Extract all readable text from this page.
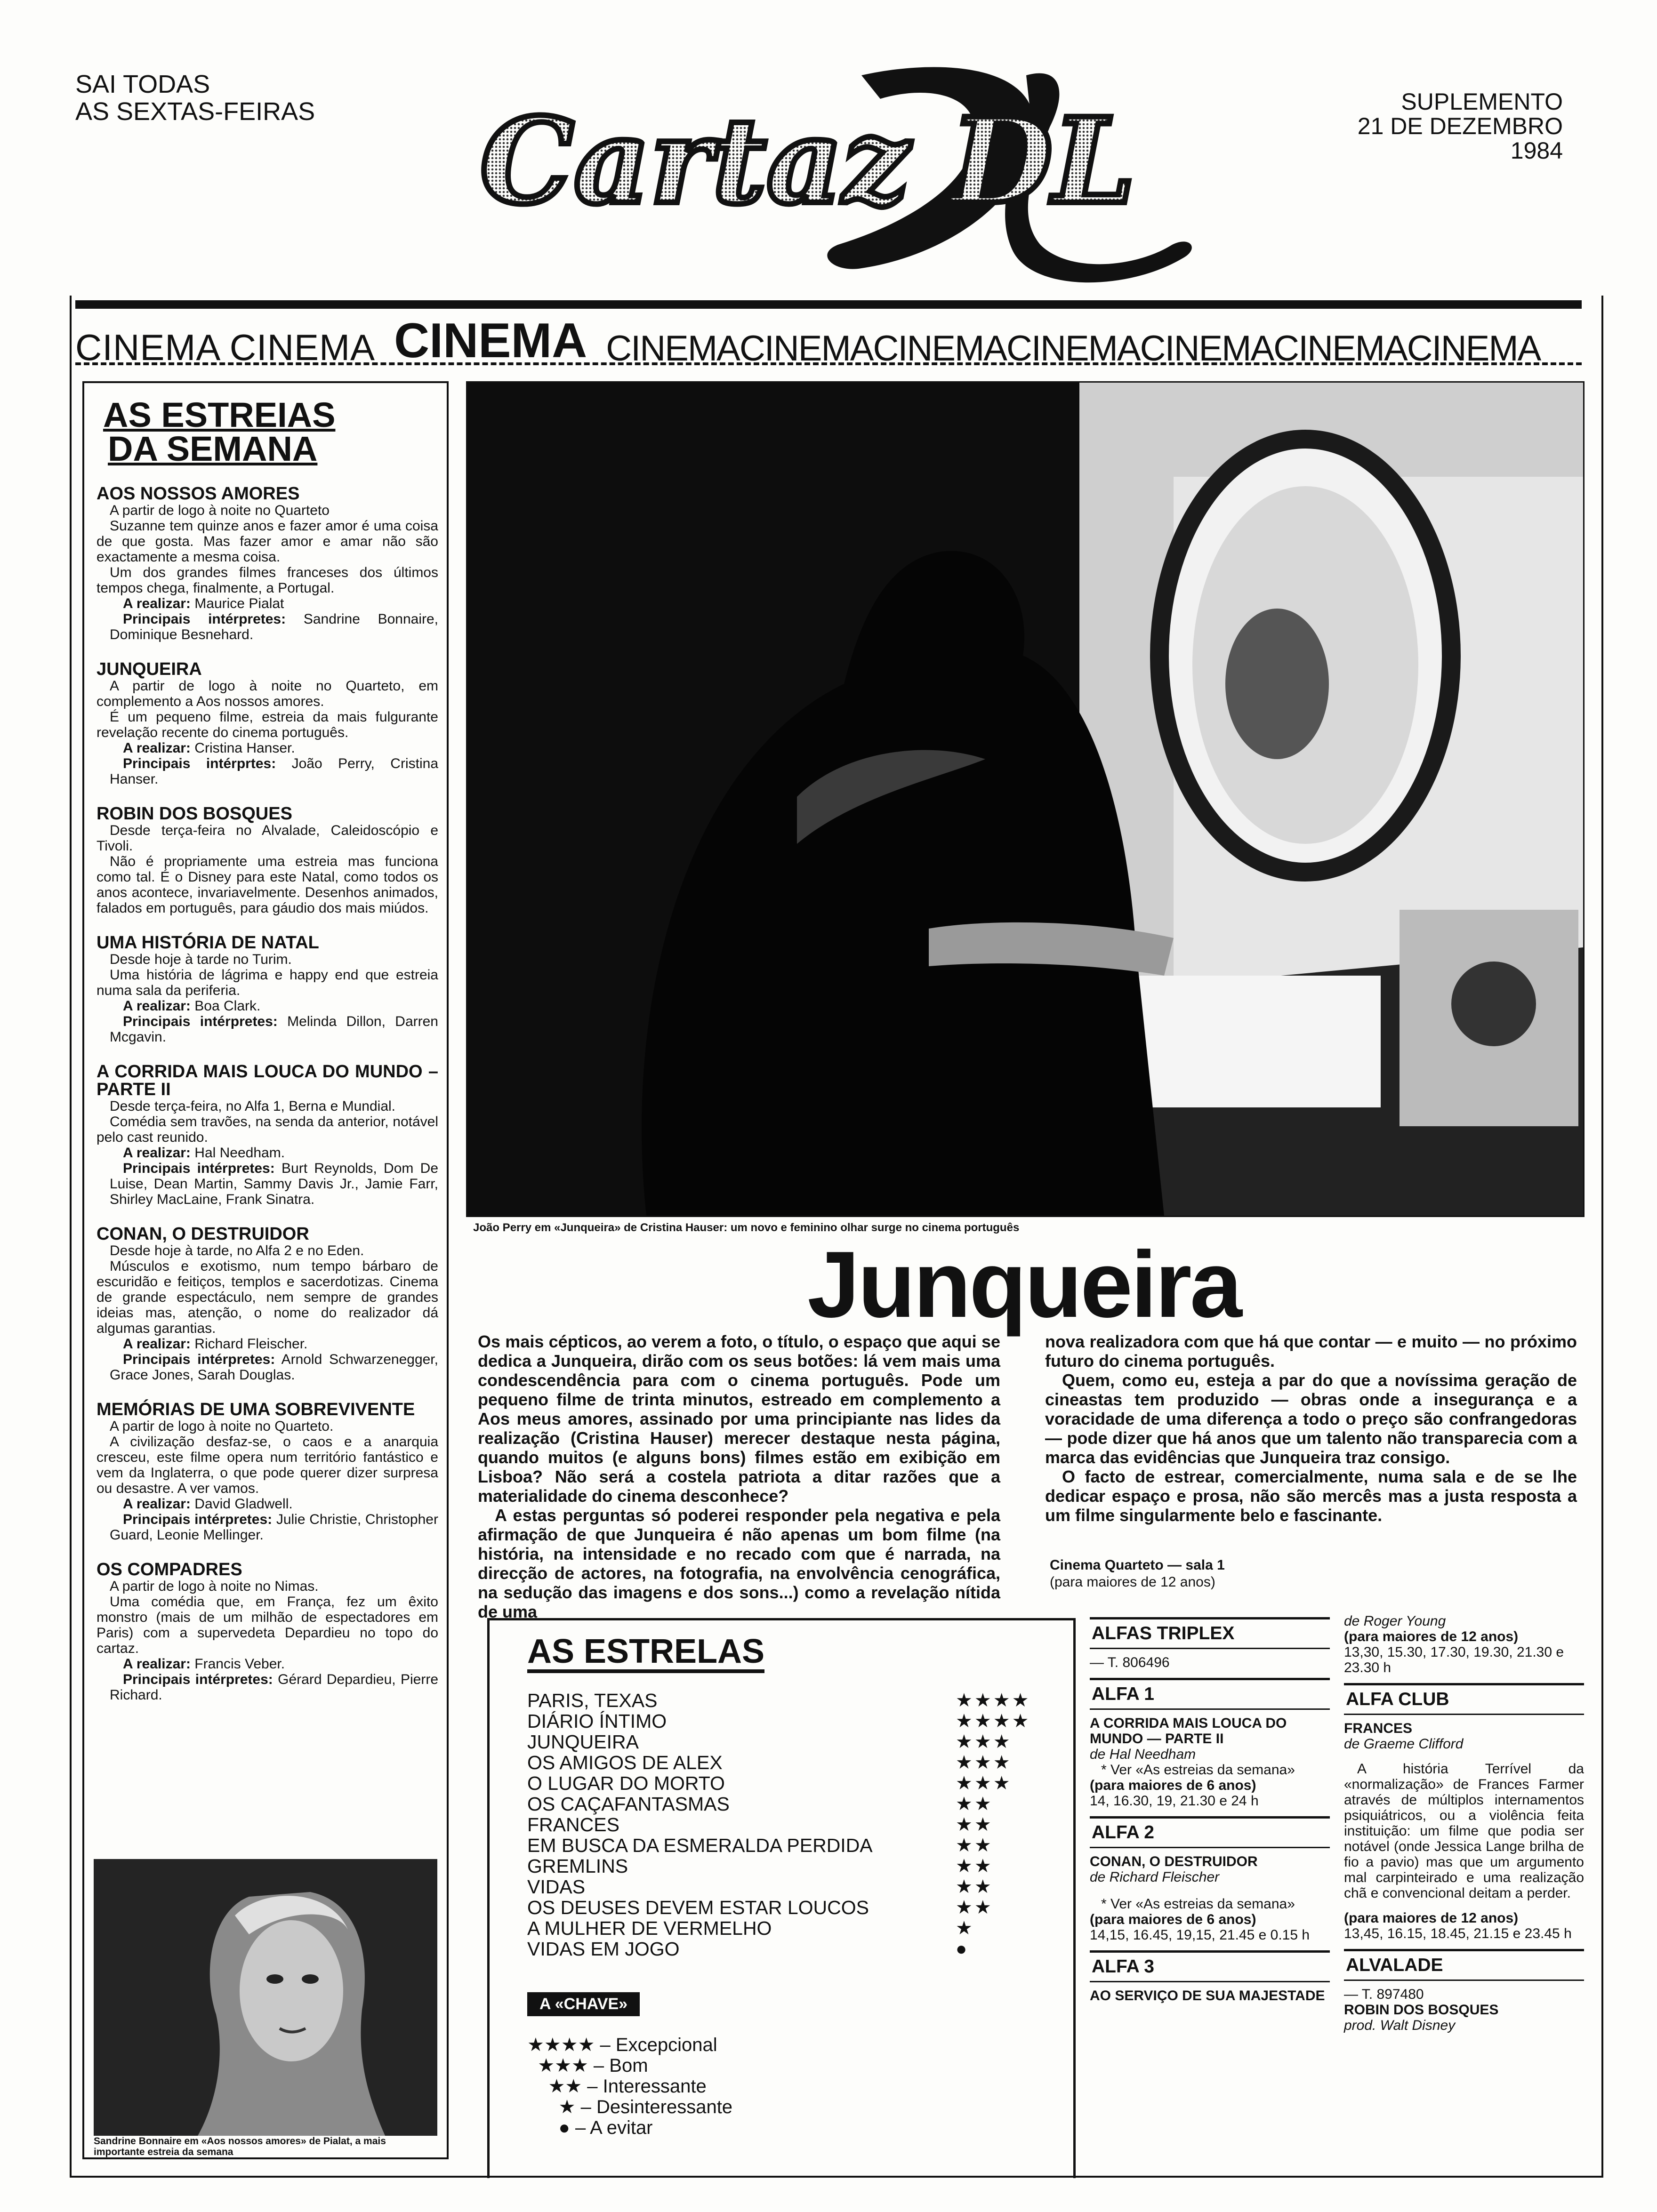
SAI TODAS
AS SEXTAS-FEIRAS Cartaz DL	SUPLEMENTO
21 DE DEZEMBRO
1984
CINEMA CINEMA CINEMA CINEMACINEMACINEMACINEMACINEMACINEMACINEMA
AS ESTREIAS
DA SEMANA
AOS NOSSOS AMORES

A partir de logo à noite no Quarteto

Suzanne tem quinze anos e fazer amor é uma coisa de que gosta. Mas fazer amor e amar não são exactamente a mesma coisa.

Um dos grandes filmes franceses dos últimos tempos chega, finalmente, a Portugal.

A realizar: Maurice Pialat

Principais intérpretes: Sandrine Bonnaire, Dominique Besnehard.

JUNQUEIRA

A partir de logo à noite no Quarteto, em complemento a Aos nossos amores.

É um pequeno filme, estreia da mais fulgurante revelação recente do cinema português.

A realizar: Cristina Hanser.

Principais intérprtes: João Perry, Cristina Hanser.

ROBIN DOS BOSQUES

Desde terça-feira no Alvalade, Caleidoscópio e Tivoli.

Não é propriamente uma estreia mas funciona como tal. É o Disney para este Natal, como todos os anos acontece, invariavelmente. Desenhos animados, falados em português, para gáudio dos mais miúdos.

UMA HISTÓRIA DE NATAL

Desde hoje à tarde no Turim.

Uma história de lágrima e happy end que estreia numa sala da periferia.

A realizar: Boa Clark.

Principais intérpretes: Melinda Dillon, Darren Mcgavin.

A CORRIDA MAIS LOUCA DO MUNDO – PARTE II

Desde terça-feira, no Alfa 1, Berna e Mundial.

Comédia sem travões, na senda da anterior, notável pelo cast reunido.

A realizar: Hal Needham.

Principais intérpretes: Burt Reynolds, Dom De Luise, Dean Martin, Sammy Davis Jr., Jamie Farr, Shirley MacLaine, Frank Sinatra.

CONAN, O DESTRUIDOR

Desde hoje à tarde, no Alfa 2 e no Eden.

Músculos e exotismo, num tempo bárbaro de escuridão e feitiços, templos e sacerdotizas. Cinema de grande espectáculo, nem sempre de grandes ideias mas, atenção, o nome do realizador dá algumas garantias.

A realizar: Richard Fleischer.

Principais intérpretes: Arnold Schwarzenegger, Grace Jones, Sarah Douglas.

MEMÓRIAS DE UMA SOBREVIVENTE

A partir de logo à noite no Quarteto.

A civilização desfaz-se, o caos e a anarquia cresceu, este filme opera num território fantástico e vem da Inglaterra, o que pode querer dizer surpresa ou desastre. A ver vamos.

A realizar: David Gladwell.

Principais intérpretes: Julie Christie, Christopher Guard, Leonie Mellinger.

OS COMPADRES

A partir de logo à noite no Nimas.

Uma comédia que, em França, fez um êxito monstro (mais de um milhão de espectadores em Paris) com a supervedeta Depardieu no topo do cartaz.

A realizar: Francis Veber.

Principais intérpretes: Gérard Depardieu, Pierre Richard.

Sandrine Bonnaire em «Aos nossos amores» de Pialat, a mais importante estreia da semana
João Perry em «Junqueira» de Cristina Hauser: um novo e feminino olhar surge no cinema português
Junqueira

Os mais cépticos, ao verem a foto, o título, o espaço que aqui se dedica a Junqueira, dirão com os seus botões: lá vem mais uma condescendência para com o cinema português. Pode um pequeno filme de trinta minutos, estreado em complemento a Aos meus amores, assinado por uma principiante nas lides da realização (Cristina Hauser) merecer destaque nesta página, quando muitos (e alguns bons) filmes estão em exibição em Lisboa? Não será a costela patriota a ditar razões que a materialidade do cinema desconhece?

A estas perguntas só poderei responder pela negativa e pela afirmação de que Junqueira é não apenas um bom filme (na história, na intensidade e no recado com que é narrada, na direcção de actores, na fotografia, na envolvência cenográfica, na sedução das imagens e dos sons...) como a revelação nítida de uma

nova realizadora com que há que contar — e muito — no próximo futuro do cinema português.

Quem, como eu, esteja a par do que a novíssima geração de cineastas tem produzido — obras onde a insegurança e a voracidade de uma diferença a todo o preço são confrangedoras — pode dizer que há anos que um talento não transparecia com a marca das evidências que Junqueira traz consigo.

O facto de estrear, comercialmente, numa sala e de se lhe dedicar espaço e prosa, não são mercês mas a justa resposta a um filme singularmente belo e fascinante.

Cinema Quarteto — sala 1
(para maiores de 12 anos)
AS ESTRELAS
PARIS, TEXAS	★★★★
DIÁRIO ÍNTIMO	★★★★
JUNQUEIRA	★★★
OS AMIGOS DE ALEX	★★★
O LUGAR DO MORTO	★★★
OS CAÇAFANTASMAS	★★
FRANCES	★★
EM BUSCA DA ESMERALDA PERDIDA	★★
GREMLINS	★★
VIDAS	★★
OS DEUSES DEVEM ESTAR LOUCOS	★★
A MULHER DE VERMELHO	★
VIDAS EM JOGO	●
A «CHAVE»
★★★★ – Excepcional
★★★ – Bom
★★ – Interessante
★ – Desinteressante
● – A evitar
ALFAS TRIPLEX
— T. 806496
ALFA 1
A CORRIDA MAIS LOUCA DO MUNDO — PARTE II
de Hal Needham
* Ver «As estreias da semana»
(para maiores de 6 anos)
14, 16.30, 19, 21.30 e 24 h
ALFA 2
CONAN, O DESTRUIDOR
de Richard Fleischer
* Ver «As estreias da semana»
(para maiores de 6 anos)
14,15, 16.45, 19,15, 21.45 e 0.15 h
ALFA 3
AO SERVIÇO DE SUA MAJESTADE
de Roger Young
(para maiores de 12 anos)
13,30, 15.30, 17.30, 19.30, 21.30 e 23.30 h
ALFA CLUB
FRANCES
de Graeme Clifford
A história Terrível da «normalização» de Frances Farmer através de múltiplos internamentos psiquiátricos, ou a violência feita instituição: um filme que podia ser notável (onde Jessica Lange brilha de fio a pavio) mas que um argumento mal carpinteirado e uma realização chã e convencional deitam a perder.
(para maiores de 12 anos)
13,45, 16.15, 18.45, 21.15 e 23.45 h
ALVALADE
— T. 897480
ROBIN DOS BOSQUES
prod. Walt Disney
